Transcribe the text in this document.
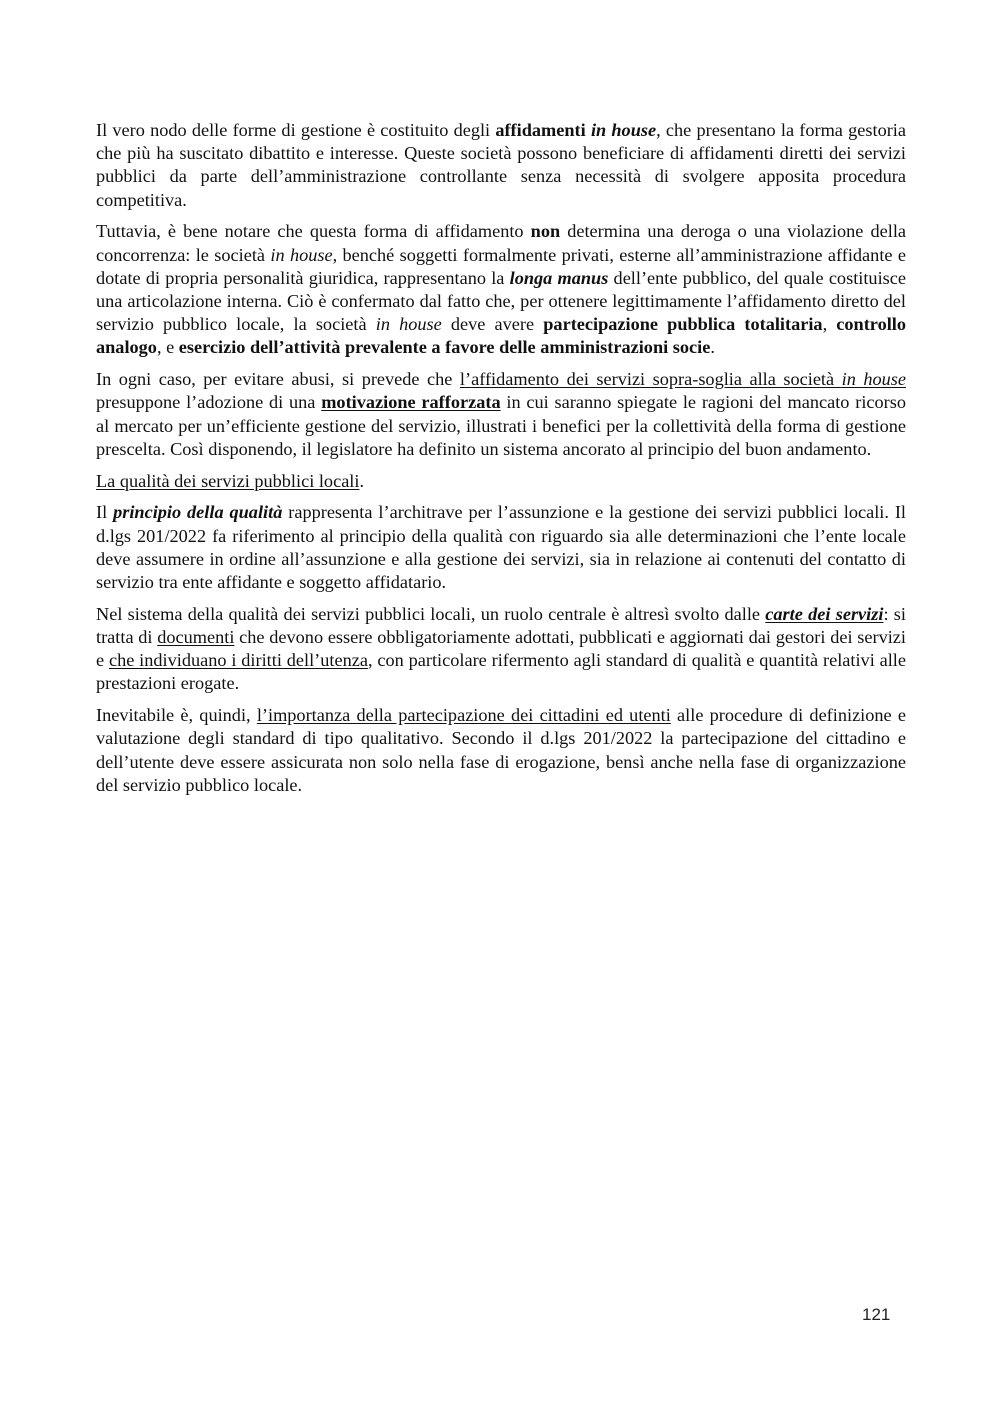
Il vero nodo delle forme di gestione è costituito degli affidamenti in house, che presentano la forma gestoria che più ha suscitato dibattito e interesse. Queste società possono beneficiare di affidamenti diretti dei servizi pubblici da parte dell’amministrazione controllante senza necessità di svolgere apposita procedura competitiva.

Tuttavia, è bene notare che questa forma di affidamento non determina una deroga o una violazione della concorrenza: le società in house, benché soggetti formalmente privati, esterne all’amministrazione affidante e dotate di propria personalità giuridica, rappresentano la longa manus dell’ente pubblico, del quale costituisce una articolazione interna. Ciò è confermato dal fatto che, per ottenere legittimamente l’affidamento diretto del servizio pubblico locale, la società in house deve avere partecipazione pubblica totalitaria, controllo analogo, e esercizio dell’attività prevalente a favore delle amministrazioni socie.

In ogni caso, per evitare abusi, si prevede che l’affidamento dei servizi sopra-soglia alla società in house presuppone l’adozione di una motivazione rafforzata in cui saranno spiegate le ragioni del mancato ricorso al mercato per un’efficiente gestione del servizio, illustrati i benefici per la collettività della forma di gestione prescelta. Così disponendo, il legislatore ha definito un sistema ancorato al principio del buon andamento.

La qualità dei servizi pubblici locali.

Il principio della qualità rappresenta l’architrave per l’assunzione e la gestione dei servizi pubblici locali. Il d.lgs 201/2022 fa riferimento al principio della qualità con riguardo sia alle determinazioni che l’ente locale deve assumere in ordine all’assunzione e alla gestione dei servizi, sia in relazione ai contenuti del contatto di servizio tra ente affidante e soggetto affidatario.

Nel sistema della qualità dei servizi pubblici locali, un ruolo centrale è altresì svolto dalle carte dei servizi: si tratta di documenti che devono essere obbligatoriamente adottati, pubblicati e aggiornati dai gestori dei servizi e che individuano i diritti dell’utenza, con particolare rifermento agli standard di qualità e quantità relativi alle prestazioni erogate.

Inevitabile è, quindi, l’importanza della partecipazione dei cittadini ed utenti alle procedure di definizione e valutazione degli standard di tipo qualitativo. Secondo il d.lgs 201/2022 la partecipazione del cittadino e dell’utente deve essere assicurata non solo nella fase di erogazione, bensì anche nella fase di organizzazione del servizio pubblico locale.

121
